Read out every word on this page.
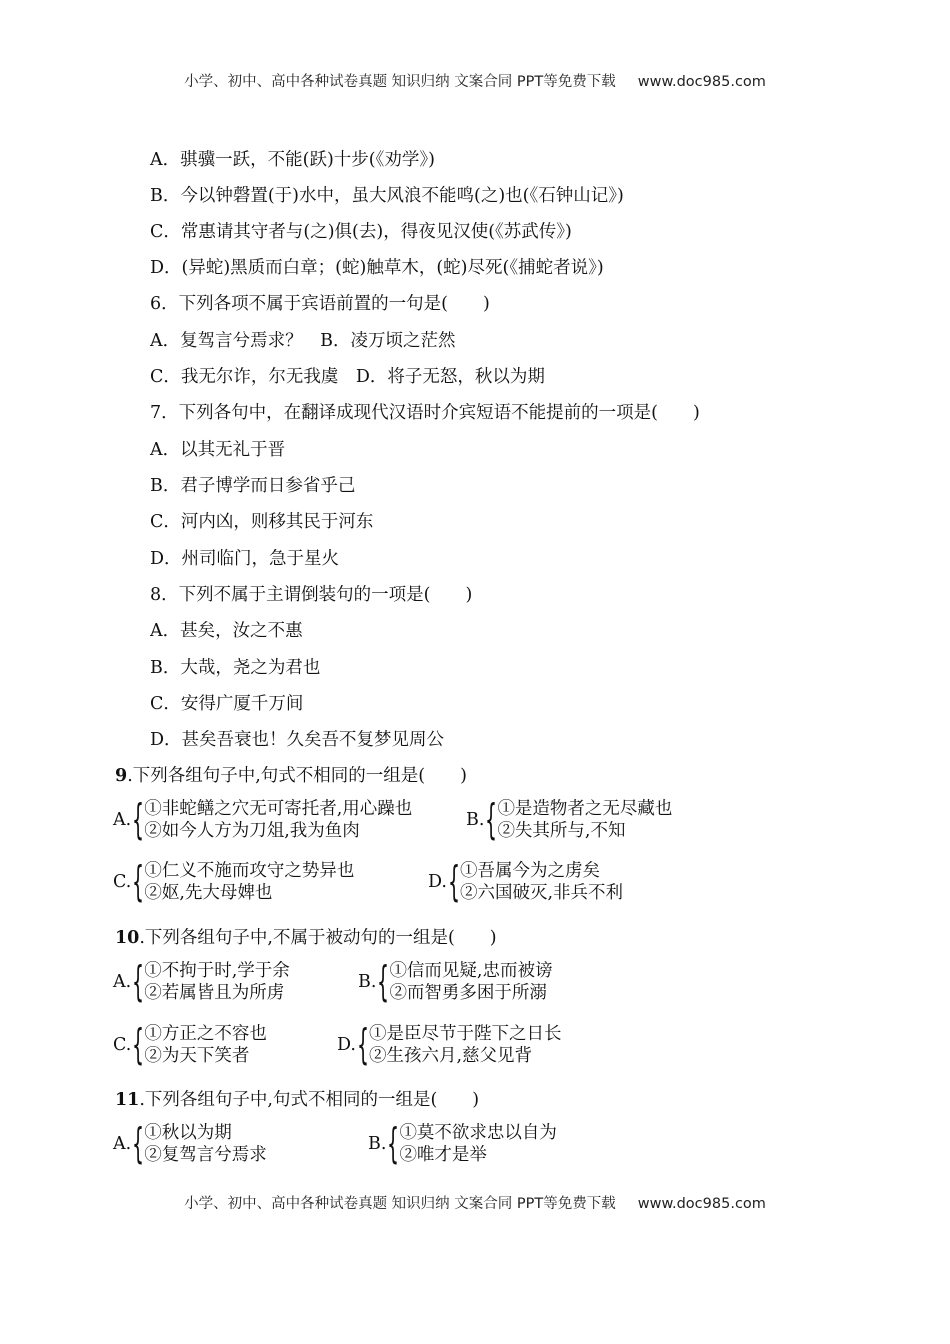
小学、初中、高中各种试卷真题 知识归纳 文案合同 PPT等免费下载 www.doc985.com
A．骐骥一跃，不能(跃)十步(《劝学》)
B．今以钟磬置(于)水中，虽大风浪不能鸣(之)也(《石钟山记》)
C．常惠请其守者与(之)俱(去)，得夜见汉使(《苏武传》)
D．(异蛇)黑质而白章；(蛇)触草木，(蛇)尽死(《捕蛇者说》)
6．下列各项不属于宾语前置的一句是(　　)
A．复驾言兮焉求？　B．凌万顷之茫然
C．我无尔诈，尔无我虞　D．将子无怒，秋以为期
7．下列各句中，在翻译成现代汉语时介宾短语不能提前的一项是(　　)
A．以其无礼于晋
B．君子博学而日参省乎己
C．河内凶，则移其民于河东
D．州司临门，急于星火
8．下列不属于主谓倒装句的一项是(　　)
A．甚矣，汝之不惠
B．大哉，尧之为君也
C．安得广厦千万间
D．甚矣吾衰也！久矣吾不复梦见周公
9.下列各组句子中,句式不相同的一组是(　　)
A. { ①非蛇鳝之穴无可寄托者,用心躁也
②如今人方为刀俎,我为鱼肉
B. { ①是造物者之无尽藏也
②失其所与,不知
C. { ①仁义不施而攻守之势异也
②妪,先大母婢也
D. { ①吾属今为之虏矣
②六国破灭,非兵不利
10.下列各组句子中,不属于被动句的一组是(　　)
A. { ①不拘于时,学于余
②若属皆且为所虏
B. { ①信而见疑,忠而被谤
②而智勇多困于所溺
C. { ①方正之不容也
②为天下笑者
D. { ①是臣尽节于陛下之日长
②生孩六月,慈父见背
11.下列各组句子中,句式不相同的一组是(　　)
A. { ①秋以为期
②复驾言兮焉求
B. { ①莫不欲求忠以自为
②唯才是举
小学、初中、高中各种试卷真题 知识归纳 文案合同 PPT等免费下载 www.doc985.com
